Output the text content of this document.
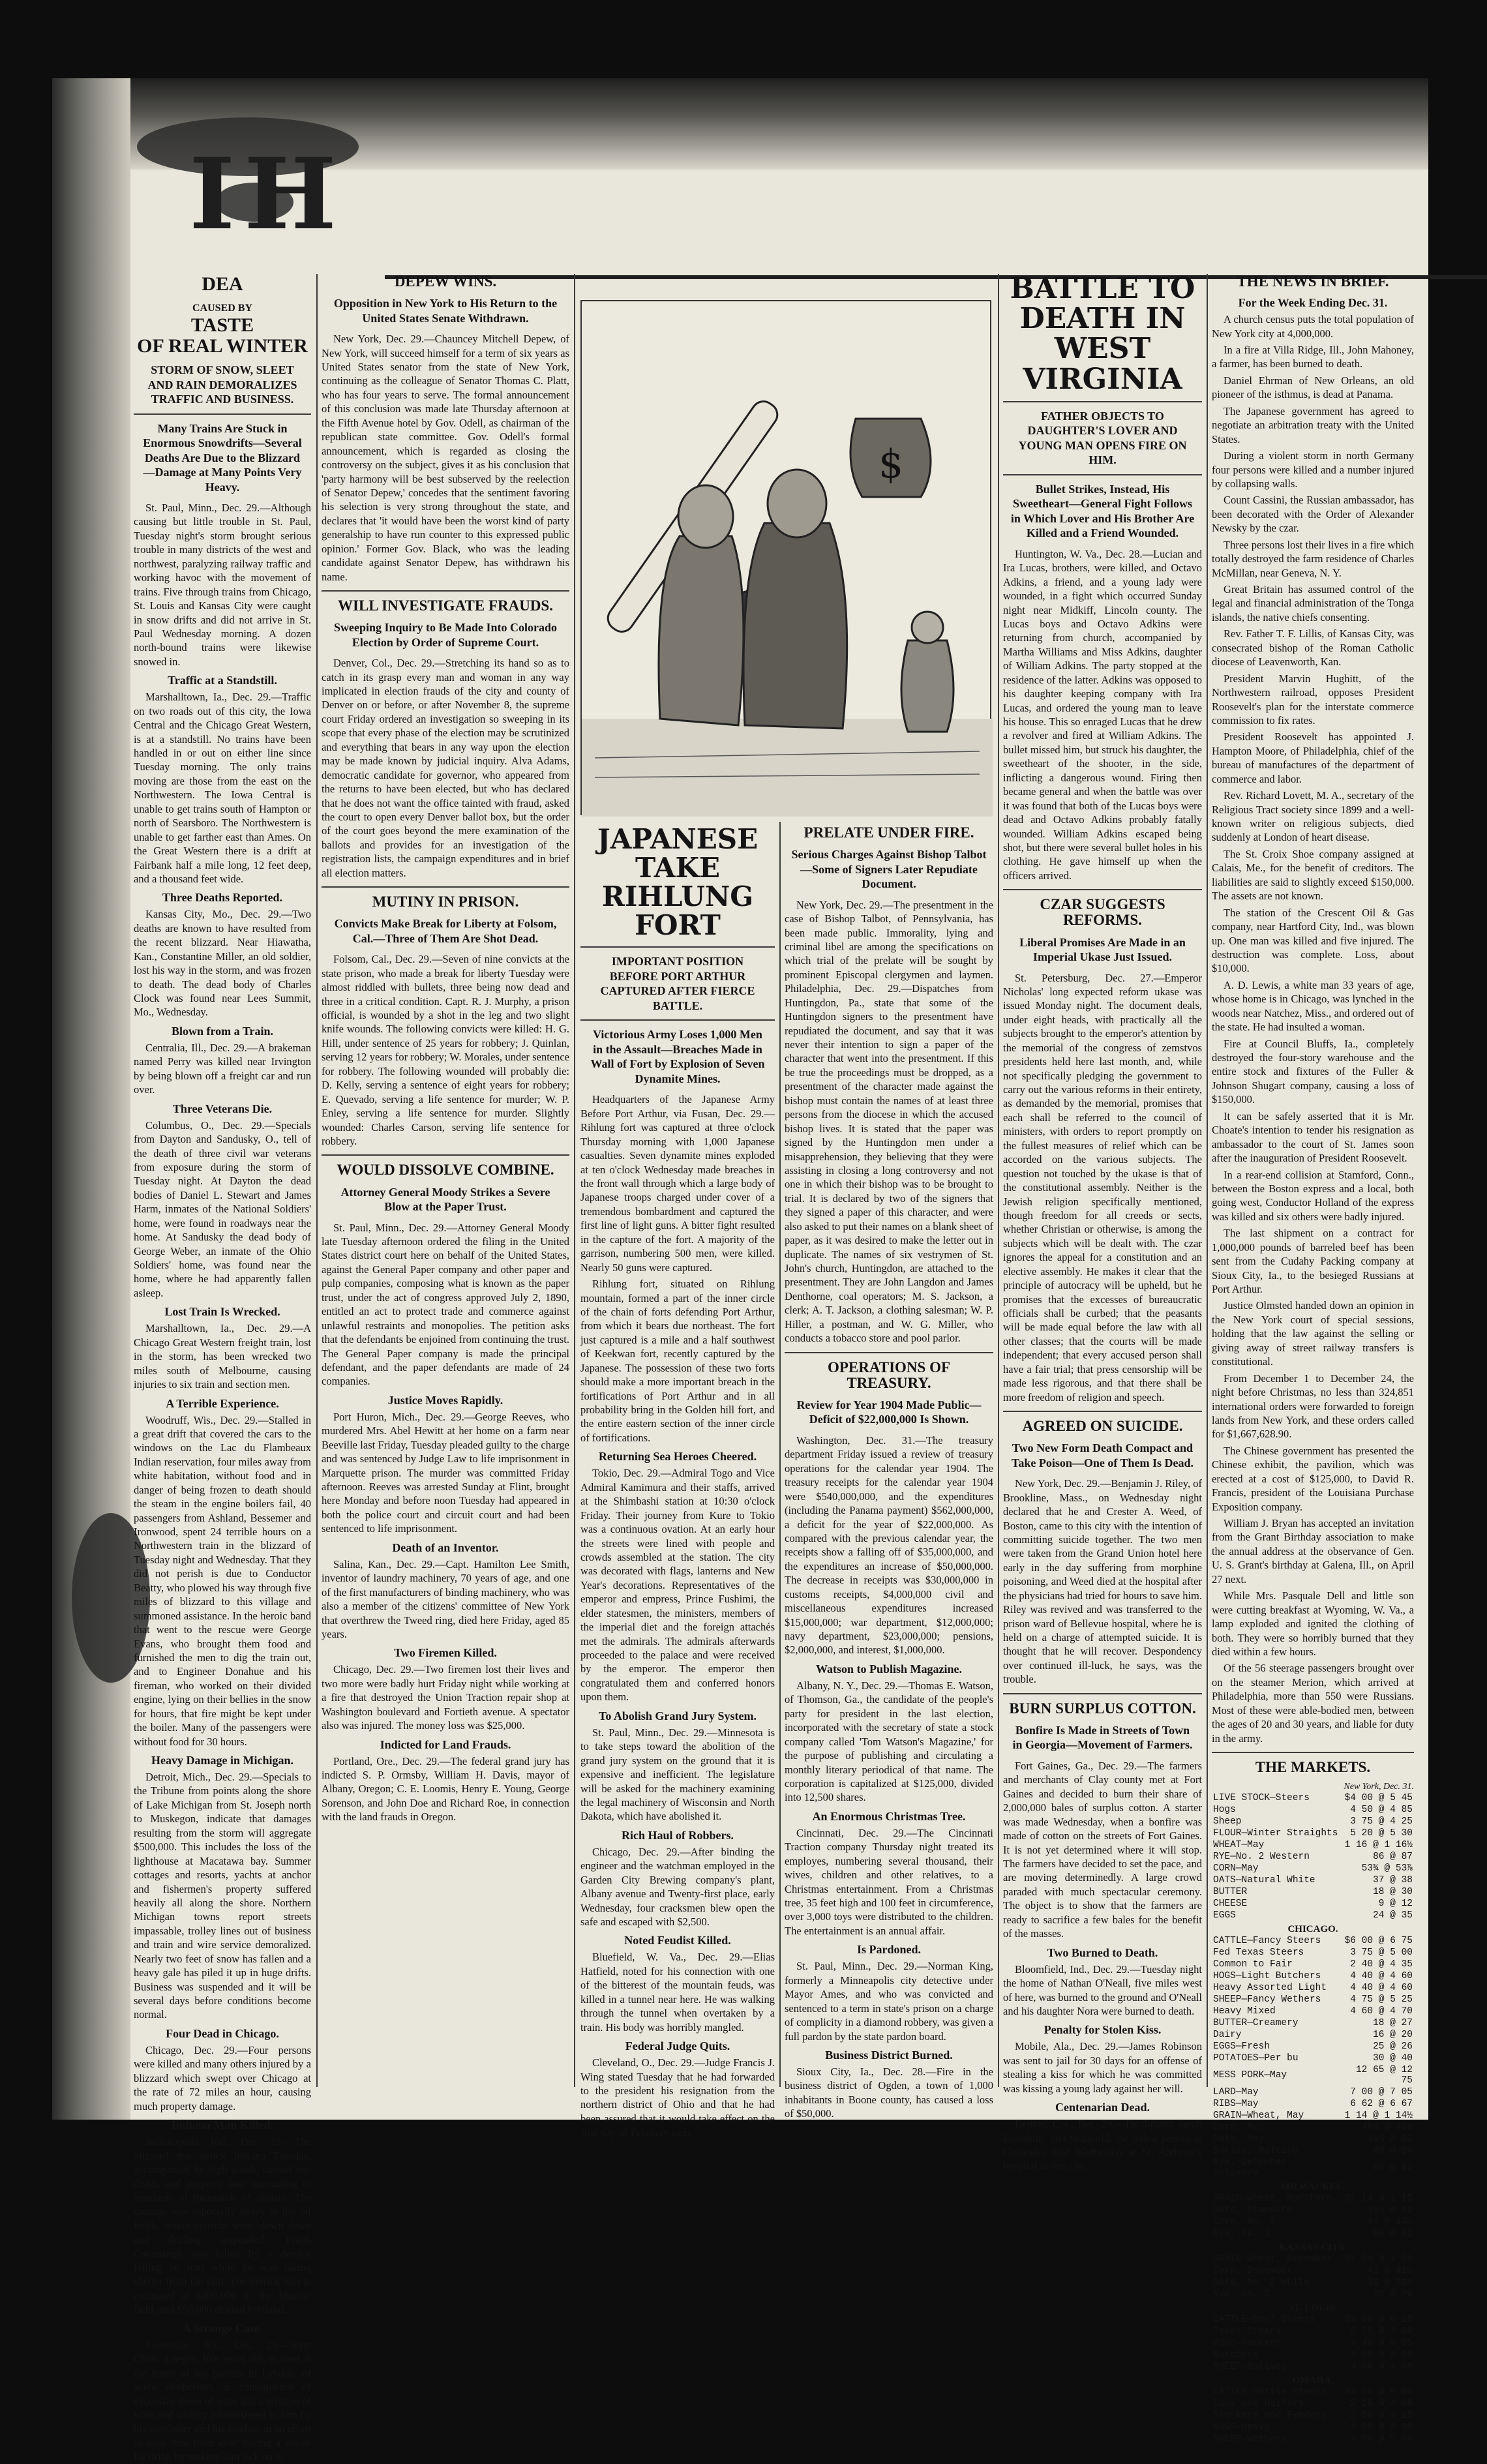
IH
DEA
CAUSED BY
TASTE
OF REAL WINTER
STORM OF SNOW, SLEET AND RAIN DEMORALIZES TRAFFIC AND BUSINESS.
Many Trains Are Stuck in Enormous Snowdrifts—Several Deaths Are Due to the Blizzard—Damage at Many Points Very Heavy.
St. Paul, Minn., Dec. 29.—Although causing but little trouble in St. Paul, Tuesday night's storm brought serious trouble in many districts of the west and northwest, paralyzing railway traffic and working havoc with the movement of trains. Five through trains from Chicago, St. Louis and Kansas City were caught in snow drifts and did not arrive in St. Paul Wednesday morning. A dozen north-bound trains were likewise snowed in.
Traffic at a Standstill.
Marshalltown, Ia., Dec. 29.—Traffic on two roads out of this city, the Iowa Central and the Chicago Great Western, is at a standstill. No trains have been handled in or out on either line since Tuesday morning. The only trains moving are those from the east on the Northwestern. The Iowa Central is unable to get trains south of Hampton or north of Searsboro. The Northwestern is unable to get farther east than Ames. On the Great Western there is a drift at Fairbank half a mile long, 12 feet deep, and a thousand feet wide.
Three Deaths Reported.
Kansas City, Mo., Dec. 29.—Two deaths are known to have resulted from the recent blizzard. Near Hiawatha, Kan., Constantine Miller, an old soldier, lost his way in the storm, and was frozen to death. The dead body of Charles Clock was found near Lees Summit, Mo., Wednesday.
Blown from a Train.
Centralia, Ill., Dec. 29.—A brakeman named Perry was killed near Irvington by being blown off a freight car and run over.
Three Veterans Die.
Columbus, O., Dec. 29.—Specials from Dayton and Sandusky, O., tell of the death of three civil war veterans from exposure during the storm of Tuesday night. At Dayton the dead bodies of Daniel L. Stewart and James Harm, inmates of the National Soldiers' home, were found in roadways near the home. At Sandusky the dead body of George Weber, an inmate of the Ohio Soldiers' home, was found near the home, where he had apparently fallen asleep.
Lost Train Is Wrecked.
Marshalltown, Ia., Dec. 29.—A Chicago Great Western freight train, lost in the storm, has been wrecked two miles south of Melbourne, causing injuries to six train and section men.
A Terrible Experience.
Woodruff, Wis., Dec. 29.—Stalled in a great drift that covered the cars to the windows on the Lac du Flambeaux Indian reservation, four miles away from white habitation, without food and in danger of being frozen to death should the steam in the engine boilers fail, 40 passengers from Ashland, Bessemer and Ironwood, spent 24 terrible hours on a Northwestern train in the blizzard of Tuesday night and Wednesday. That they did not perish is due to Conductor Beatty, who plowed his way through five miles of blizzard to this village and summoned assistance. In the heroic band that went to the rescue were George Evans, who brought them food and furnished the men to dig the train out, and to Engineer Donahue and his fireman, who worked on their divided engine, lying on their bellies in the snow for hours, that fire might be kept under the boiler. Many of the passengers were without food for 30 hours.
Heavy Damage in Michigan.
Detroit, Mich., Dec. 29.—Specials to the Tribune from points along the shore of Lake Michigan from St. Joseph north to Muskegon, indicate that damages resulting from the storm will aggregate $500,000. This includes the loss of the lighthouse at Macatawa bay. Summer cottages and resorts, yachts at anchor and fishermen's property suffered heavily all along the shore. Northern Michigan towns report streets impassable, trolley lines out of business and train and wire service demoralized. Nearly two feet of snow has fallen and a heavy gale has piled it up in huge drifts. Business was suspended and it will be several days before conditions become normal.
Four Dead in Chicago.
Chicago, Dec. 29.—Four persons were killed and many others injured by a blizzard which swept over Chicago at the rate of 72 miles an hour, causing much property damage.
Indiana Man Killed.
Indianapolis, Ind., Dec. 29.—The blizzard that struck Indiana Tuesday, accompanied by high winds, caused one death, and property loss amounting to hundreds of thousands of dollars. The damage was especially heavy in the oil fields, where derricks were blown down and drilling suspended. Frank Cavanaugh was killed by a derrick falling on him while he was taking shelter from the rain. The derrick loss is estimated at $200,000 in the Muncie field, and $50,000 around Portland.
A Strange Case.
Louisville, Ky., Dec. 29.—John Clark, a negro, five years old, is dead at the home of his parents in Lyndon, of acute alcoholism, in consequence of excessive doses of wine and a mixture of wine and whisky administered to him by his stepfather and his mother, in an effort to keep him from ever having a desire for drink by making him sick on it.
DEPEW WINS.
Opposition in New York to His Return to the United States Senate Withdrawn.
New York, Dec. 29.—Chauncey Mitchell Depew, of New York, will succeed himself for a term of six years as United States senator from the state of New York, continuing as the colleague of Senator Thomas C. Platt, who has four years to serve. The formal announcement of this conclusion was made late Thursday afternoon at the Fifth Avenue hotel by Gov. Odell, as chairman of the republican state committee. Gov. Odell's formal announcement, which is regarded as closing the controversy on the subject, gives it as his conclusion that 'party harmony will be best subserved by the reelection of Senator Depew,' concedes that the sentiment favoring his selection is very strong throughout the state, and declares that 'it would have been the worst kind of party generalship to have run counter to this expressed public opinion.' Former Gov. Black, who was the leading candidate against Senator Depew, has withdrawn his name.
WILL INVESTIGATE FRAUDS.
Sweeping Inquiry to Be Made Into Colorado Election by Order of Supreme Court.
Denver, Col., Dec. 29.—Stretching its hand so as to catch in its grasp every man and woman in any way implicated in election frauds of the city and county of Denver on or before, or after November 8, the supreme court Friday ordered an investigation so sweeping in its scope that every phase of the election may be scrutinized and everything that bears in any way upon the election may be made known by judicial inquiry. Alva Adams, democratic candidate for governor, who appeared from the returns to have been elected, but who has declared that he does not want the office tainted with fraud, asked the court to open every Denver ballot box, but the order of the court goes beyond the mere examination of the ballots and provides for an investigation of the registration lists, the campaign expenditures and in brief all election matters.
MUTINY IN PRISON.
Convicts Make Break for Liberty at Folsom, Cal.—Three of Them Are Shot Dead.
Folsom, Cal., Dec. 29.—Seven of nine convicts at the state prison, who made a break for liberty Tuesday were almost riddled with bullets, three being now dead and three in a critical condition. Capt. R. J. Murphy, a prison official, is wounded by a shot in the leg and two slight knife wounds. The following convicts were killed: H. G. Hill, under sentence of 25 years for robbery; J. Quinlan, serving 12 years for robbery; W. Morales, under sentence for robbery. The following wounded will probably die: D. Kelly, serving a sentence of eight years for robbery; E. Quevado, serving a life sentence for murder; W. P. Enley, serving a life sentence for murder. Slightly wounded: Charles Carson, serving life sentence for robbery.
WOULD DISSOLVE COMBINE.
Attorney General Moody Strikes a Severe Blow at the Paper Trust.
St. Paul, Minn., Dec. 29.—Attorney General Moody late Tuesday afternoon ordered the filing in the United States district court here on behalf of the United States, against the General Paper company and other paper and pulp companies, composing what is known as the paper trust, under the act of congress approved July 2, 1890, entitled an act to protect trade and commerce against unlawful restraints and monopolies. The petition asks that the defendants be enjoined from continuing the trust. The General Paper company is made the principal defendant, and the paper defendants are made of 24 companies.
Justice Moves Rapidly.
Port Huron, Mich., Dec. 29.—George Reeves, who murdered Mrs. Abel Hewitt at her home on a farm near Beeville last Friday, Tuesday pleaded guilty to the charge and was sentenced by Judge Law to life imprisonment in Marquette prison. The murder was committed Friday afternoon. Reeves was arrested Sunday at Flint, brought here Monday and before noon Tuesday had appeared in both the police court and circuit court and had been sentenced to life imprisonment.
Death of an Inventor.
Salina, Kan., Dec. 29.—Capt. Hamilton Lee Smith, inventor of laundry machinery, 70 years of age, and one of the first manufacturers of binding machinery, who was also a member of the citizens' committee of New York that overthrew the Tweed ring, died here Friday, aged 85 years.
Two Firemen Killed.
Chicago, Dec. 29.—Two firemen lost their lives and two more were badly hurt Friday night while working at a fire that destroyed the Union Traction repair shop at Washington boulevard and Fortieth avenue. A spectator also was injured. The money loss was $25,000.
Indicted for Land Frauds.
Portland, Ore., Dec. 29.—The federal grand jury has indicted S. P. Ormsby, William H. Davis, mayor of Albany, Oregon; C. E. Loomis, Henry E. Young, George Sorenson, and John Doe and Richard Roe, in connection with the land frauds in Oregon.
$
JAPANESE TAKE RIHLUNG FORT
IMPORTANT POSITION BEFORE PORT ARTHUR CAPTURED AFTER FIERCE BATTLE.
Victorious Army Loses 1,000 Men in the Assault—Breaches Made in Wall of Fort by Explosion of Seven Dynamite Mines.
Headquarters of the Japanese Army Before Port Arthur, via Fusan, Dec. 29.—Rihlung fort was captured at three o'clock Thursday morning with 1,000 Japanese casualties. Seven dynamite mines exploded at ten o'clock Wednesday made breaches in the front wall through which a large body of Japanese troops charged under cover of a tremendous bombardment and captured the first line of light guns. A bitter fight resulted in the capture of the fort. A majority of the garrison, numbering 500 men, were killed. Nearly 50 guns were captured.
Rihlung fort, situated on Rihlung mountain, formed a part of the inner circle of the chain of forts defending Port Arthur, from which it bears due northeast. The fort just captured is a mile and a half southwest of Keekwan fort, recently captured by the Japanese. The possession of these two forts should make a more important breach in the fortifications of Port Arthur and in all probability bring in the Golden hill fort, and the entire eastern section of the inner circle of fortifications.
Returning Sea Heroes Cheered.
Tokio, Dec. 29.—Admiral Togo and Vice Admiral Kamimura and their staffs, arrived at the Shimbashi station at 10:30 o'clock Friday. Their journey from Kure to Tokio was a continuous ovation. At an early hour the streets were lined with people and crowds assembled at the station. The city was decorated with flags, lanterns and New Year's decorations. Representatives of the emperor and empress, Prince Fushimi, the elder statesmen, the ministers, members of the imperial diet and the foreign attachés met the admirals. The admirals afterwards proceeded to the palace and were received by the emperor. The emperor then congratulated them and conferred honors upon them.
To Abolish Grand Jury System.
St. Paul, Minn., Dec. 29.—Minnesota is to take steps toward the abolition of the grand jury system on the ground that it is expensive and inefficient. The legislature will be asked for the machinery examining the legal machinery of Wisconsin and North Dakota, which have abolished it.
Rich Haul of Robbers.
Chicago, Dec. 29.—After binding the engineer and the watchman employed in the Garden City Brewing company's plant, Albany avenue and Twenty-first place, early Wednesday, four cracksmen blew open the safe and escaped with $2,500.
Noted Feudist Killed.
Bluefield, W. Va., Dec. 29.—Elias Hatfield, noted for his connection with one of the bitterest of the mountain feuds, was killed in a tunnel near here. He was walking through the tunnel when overtaken by a train. His body was horribly mangled.
Federal Judge Quits.
Cleveland, O., Dec. 29.—Judge Francis J. Wing stated Tuesday that he had forwarded to the president his resignation from the northern district of Ohio and that he had been assured that it would take effect on the first day of February next.
PRELATE UNDER FIRE.
Serious Charges Against Bishop Talbot—Some of Signers Later Repudiate Document.
New York, Dec. 29.—The presentment in the case of Bishop Talbot, of Pennsylvania, has been made public. Immorality, lying and criminal libel are among the specifications on which trial of the prelate will be sought by prominent Episcopal clergymen and laymen. Philadelphia, Dec. 29.—Dispatches from Huntingdon, Pa., state that some of the Huntingdon signers to the presentment have repudiated the document, and say that it was never their intention to sign a paper of the character that went into the presentment. If this be true the proceedings must be dropped, as a presentment of the character made against the bishop must contain the names of at least three persons from the diocese in which the accused bishop lives. It is stated that the paper was signed by the Huntingdon men under a misapprehension, they believing that they were assisting in closing a long controversy and not one in which their bishop was to be brought to trial. It is declared by two of the signers that they signed a paper of this character, and were also asked to put their names on a blank sheet of paper, as it was desired to make the letter out in duplicate. The names of six vestrymen of St. John's church, Huntingdon, are attached to the presentment. They are John Langdon and James Denthorne, coal operators; M. S. Jackson, a clerk; A. T. Jackson, a clothing salesman; W. P. Hiller, a postman, and W. G. Miller, who conducts a tobacco store and pool parlor.
OPERATIONS OF TREASURY.
Review for Year 1904 Made Public—Deficit of $22,000,000 Is Shown.
Washington, Dec. 31.—The treasury department Friday issued a review of treasury operations for the calendar year 1904. The treasury receipts for the calendar year 1904 were $540,000,000, and the expenditures (including the Panama payment) $562,000,000, a deficit for the year of $22,000,000. As compared with the previous calendar year, the receipts show a falling off of $35,000,000, and the expenditures an increase of $50,000,000. The decrease in receipts was $30,000,000 in customs receipts, $4,000,000 civil and miscellaneous expenditures increased $15,000,000; war department, $12,000,000; navy department, $23,000,000; pensions, $2,000,000, and interest, $1,000,000.
Watson to Publish Magazine.
Albany, N. Y., Dec. 29.—Thomas E. Watson, of Thomson, Ga., the candidate of the people's party for president in the last election, incorporated with the secretary of state a stock company called 'Tom Watson's Magazine,' for the purpose of publishing and circulating a monthly literary periodical of that name. The corporation is capitalized at $125,000, divided into 12,500 shares.
An Enormous Christmas Tree.
Cincinnati, Dec. 29.—The Cincinnati Traction company Thursday night treated its employes, numbering several thousand, their wives, children and other relatives, to a Christmas entertainment. From a Christmas tree, 35 feet high and 100 feet in circumference, over 3,000 toys were distributed to the children. The entertainment is an annual affair.
Is Pardoned.
St. Paul, Minn., Dec. 29.—Norman King, formerly a Minneapolis city detective under Mayor Ames, and who was convicted and sentenced to a term in state's prison on a charge of complicity in a diamond robbery, was given a full pardon by the state pardon board.
Business District Burned.
Sioux City, Ia., Dec. 28.—Fire in the business district of Ogden, a town of 1,000 inhabitants in Boone county, has caused a loss of $50,000.
BATTLE TO DEATH IN WEST VIRGINIA
FATHER OBJECTS TO DAUGHTER'S LOVER AND YOUNG MAN OPENS FIRE ON HIM.
Bullet Strikes, Instead, His Sweetheart—General Fight Follows in Which Lover and His Brother Are Killed and a Friend Wounded.
Huntington, W. Va., Dec. 28.—Lucian and Ira Lucas, brothers, were killed, and Octavo Adkins, a friend, and a young lady were wounded, in a fight which occurred Sunday night near Midkiff, Lincoln county. The Lucas boys and Octavo Adkins were returning from church, accompanied by Martha Williams and Miss Adkins, daughter of William Adkins. The party stopped at the residence of the latter. Adkins was opposed to his daughter keeping company with Ira Lucas, and ordered the young man to leave his house. This so enraged Lucas that he drew a revolver and fired at William Adkins. The bullet missed him, but struck his daughter, the sweetheart of the shooter, in the side, inflicting a dangerous wound. Firing then became general and when the battle was over it was found that both of the Lucas boys were dead and Octavo Adkins probably fatally wounded. William Adkins escaped being shot, but there were several bullet holes in his clothing. He gave himself up when the officers arrived.
CZAR SUGGESTS REFORMS.
Liberal Promises Are Made in an Imperial Ukase Just Issued.
St. Petersburg, Dec. 27.—Emperor Nicholas' long expected reform ukase was issued Monday night. The document deals, under eight heads, with practically all the subjects brought to the emperor's attention by the memorial of the congress of zemstvos presidents held here last month, and, while not specifically pledging the government to carry out the various reforms in their entirety, as demanded by the memorial, promises that each shall be referred to the council of ministers, with orders to report promptly on the fullest measures of relief which can be accorded on the various subjects. The question not touched by the ukase is that of the constitutional assembly. Neither is the Jewish religion specifically mentioned, though freedom for all creeds or sects, whether Christian or otherwise, is among the subjects which will be dealt with. The czar ignores the appeal for a constitution and an elective assembly. He makes it clear that the principle of autocracy will be upheld, but he promises that the excesses of bureaucratic officials shall be curbed; that the peasants will be made equal before the law with all other classes; that the courts will be made independent; that every accused person shall have a fair trial; that press censorship will be made less rigorous, and that there shall be more freedom of religion and speech.
AGREED ON SUICIDE.
Two New Form Death Compact and Take Poison—One of Them Is Dead.
New York, Dec. 29.—Benjamin J. Riley, of Brookline, Mass., on Wednesday night declared that he and Crester A. Weed, of Boston, came to this city with the intention of committing suicide together. The two men were taken from the Grand Union hotel here early in the day suffering from morphine poisoning, and Weed died at the hospital after the physicians had tried for hours to save him. Riley was revived and was transferred to the prison ward of Bellevue hospital, where he is held on a charge of attempted suicide. It is thought that he will recover. Despondency over continued ill-luck, he says, was the trouble.
BURN SURPLUS COTTON.
Bonfire Is Made in Streets of Town in Georgia—Movement of Farmers.
Fort Gaines, Ga., Dec. 29.—The farmers and merchants of Clay county met at Fort Gaines and decided to burn their share of 2,000,000 bales of surplus cotton. A starter was made Wednesday, when a bonfire was made of cotton on the streets of Fort Gaines. It is not yet determined where it will stop. The farmers have decided to set the pace, and are moving determinedly. A large crowd paraded with much spectacular ceremony. The object is to show that the farmers are ready to sacrifice a few bales for the benefit of the masses.
Two Burned to Death.
Bloomfield, Ind., Dec. 29.—Tuesday night the home of Nathan O'Neall, five miles west of here, was burned to the ground and O'Neall and his daughter Nora were burned to death.
Penalty for Stolen Kiss.
Mobile, Ala., Dec. 29.—James Robinson was sent to jail for 30 days for an offense of stealing a kiss for which he was committed was kissing a young lady against her will.
Centenarian Dead.
Denver, Col., Dec. 29.—Dr. Johann Jacob Eisenblut, 104 years old, the oldest person in Colorado, died Wednesday at St. Anthony's hospital in this city.
THE NEWS IN BRIEF.
For the Week Ending Dec. 31.
A church census puts the total population of New York city at 4,000,000.
In a fire at Villa Ridge, Ill., John Mahoney, a farmer, has been burned to death.
Daniel Ehrman of New Orleans, an old pioneer of the isthmus, is dead at Panama.
The Japanese government has agreed to negotiate an arbitration treaty with the United States.
During a violent storm in north Germany four persons were killed and a number injured by collapsing walls.
Count Cassini, the Russian ambassador, has been decorated with the Order of Alexander Newsky by the czar.
Three persons lost their lives in a fire which totally destroyed the farm residence of Charles McMillan, near Geneva, N. Y.
Great Britain has assumed control of the legal and financial administration of the Tonga islands, the native chiefs consenting.
Rev. Father T. F. Lillis, of Kansas City, was consecrated bishop of the Roman Catholic diocese of Leavenworth, Kan.
President Marvin Hughitt, of the Northwestern railroad, opposes President Roosevelt's plan for the interstate commerce commission to fix rates.
President Roosevelt has appointed J. Hampton Moore, of Philadelphia, chief of the bureau of manufactures of the department of commerce and labor.
Rev. Richard Lovett, M. A., secretary of the Religious Tract society since 1899 and a well-known writer on religious subjects, died suddenly at London of heart disease.
The St. Croix Shoe company assigned at Calais, Me., for the benefit of creditors. The liabilities are said to slightly exceed $150,000. The assets are not known.
The station of the Crescent Oil & Gas company, near Hartford City, Ind., was blown up. One man was killed and five injured. The destruction was complete. Loss, about $10,000.
A. D. Lewis, a white man 33 years of age, whose home is in Chicago, was lynched in the woods near Natchez, Miss., and ordered out of the state. He had insulted a woman.
Fire at Council Bluffs, Ia., completely destroyed the four-story warehouse and the entire stock and fixtures of the Fuller & Johnson Shugart company, causing a loss of $150,000.
It can be safely asserted that it is Mr. Choate's intention to tender his resignation as ambassador to the court of St. James soon after the inauguration of President Roosevelt.
In a rear-end collision at Stamford, Conn., between the Boston express and a local, both going west, Conductor Holland of the express was killed and six others were badly injured.
The last shipment on a contract for 1,000,000 pounds of barreled beef has been sent from the Cudahy Packing company at Sioux City, Ia., to the besieged Russians at Port Arthur.
Justice Olmsted handed down an opinion in the New York court of special sessions, holding that the law against the selling or giving away of street railway transfers is constitutional.
From December 1 to December 24, the night before Christmas, no less than 324,851 international orders were forwarded to foreign lands from New York, and these orders called for $1,667,628.90.
The Chinese government has presented the Chinese exhibit, the pavilion, which was erected at a cost of $125,000, to David R. Francis, president of the Louisiana Purchase Exposition company.
William J. Bryan has accepted an invitation from the Grant Birthday association to make the annual address at the observance of Gen. U. S. Grant's birthday at Galena, Ill., on April 27 next.
While Mrs. Pasquale Dell and little son were cutting breakfast at Wyoming, W. Va., a lamp exploded and ignited the clothing of both. They were so horribly burned that they died within a few hours.
Of the 56 steerage passengers brought over on the steamer Merion, which arrived at Philadelphia, more than 550 were Russians. Most of these were able-bodied men, between the ages of 20 and 30 years, and liable for duty in the army.
THE MARKETS.
New York, Dec. 31.
LIVE STOCK—Steers	$4 00 @ 5 45
Hogs	4 50 @ 4 85
Sheep	3 75 @ 4 25
FLOUR—Winter Straights	5 20 @ 5 30
WHEAT—May	1 16 @ 1 16½
RYE—No. 2 Western	86 @ 87
CORN—May	53¾ @ 53⅞
OATS—Natural White	37 @ 38
BUTTER	18 @ 30
CHEESE	9 @ 12
EGGS	24 @ 35
CHICAGO.
CATTLE—Fancy Steers	$6 00 @ 6 75
Fed Texas Steers	3 75 @ 5 00
Common to Fair	2 40 @ 4 35
HOGS—Light Butchers	4 40 @ 4 60
Heavy Assorted Light	4 40 @ 4 60
SHEEP—Fancy Wethers	4 75 @ 5 25
Heavy Mixed	4 60 @ 4 70
BUTTER—Creamery	18 @ 27
Dairy	16 @ 20
EGGS—Fresh	25 @ 26
POTATOES—Per bu	30 @ 40
MESS PORK—May	12 65 @ 12 75
LARD—May	7 00 @ 7 05
RIBS—May	6 62 @ 6 67
GRAIN—Wheat, May	1 14 @ 1 14½
Corn, May	46⅛ @ 46½
Oats, May	31⅞ @ 32
Barley, Malting	40 @ 50
Rye, December Delivery	80 @ 82
MILWAUKEE.
GRAIN—Wheat, Northern	$1 14 @ 1 15
Oats, Standard	31½ @ 32
Corn, No. 3	44 @ 44½
Rye, No. 1	80 @ 81
KANSAS CITY.
GRAIN—Wheat, December	$1 04 @ 1 05
Corn, December	41 @ 41½
Oats, No. 2 White	31 @ 31½
Rye, No. 2	78 @ 79
ST. LOUIS.
CATTLE—Beef Steers	$3 00 @ 6 25
Texas Steers	2 75 @ 4 60
HOGS—Packers	4 40 @ 4 55
Butchers	4 50 @ 4 65
SHEEP—Natives	4 00 @ 4 60
OMAHA.
CATTLE—Native Steers	$3 50 @ 6 00
Cows and Heifers	2 25 @ 4 00
Stockers and Feeders	2 50 @ 4 15
HOGS—Heavy	4 30 @ 4 40
SHEEP—Wethers	4 00 @ 5 00
